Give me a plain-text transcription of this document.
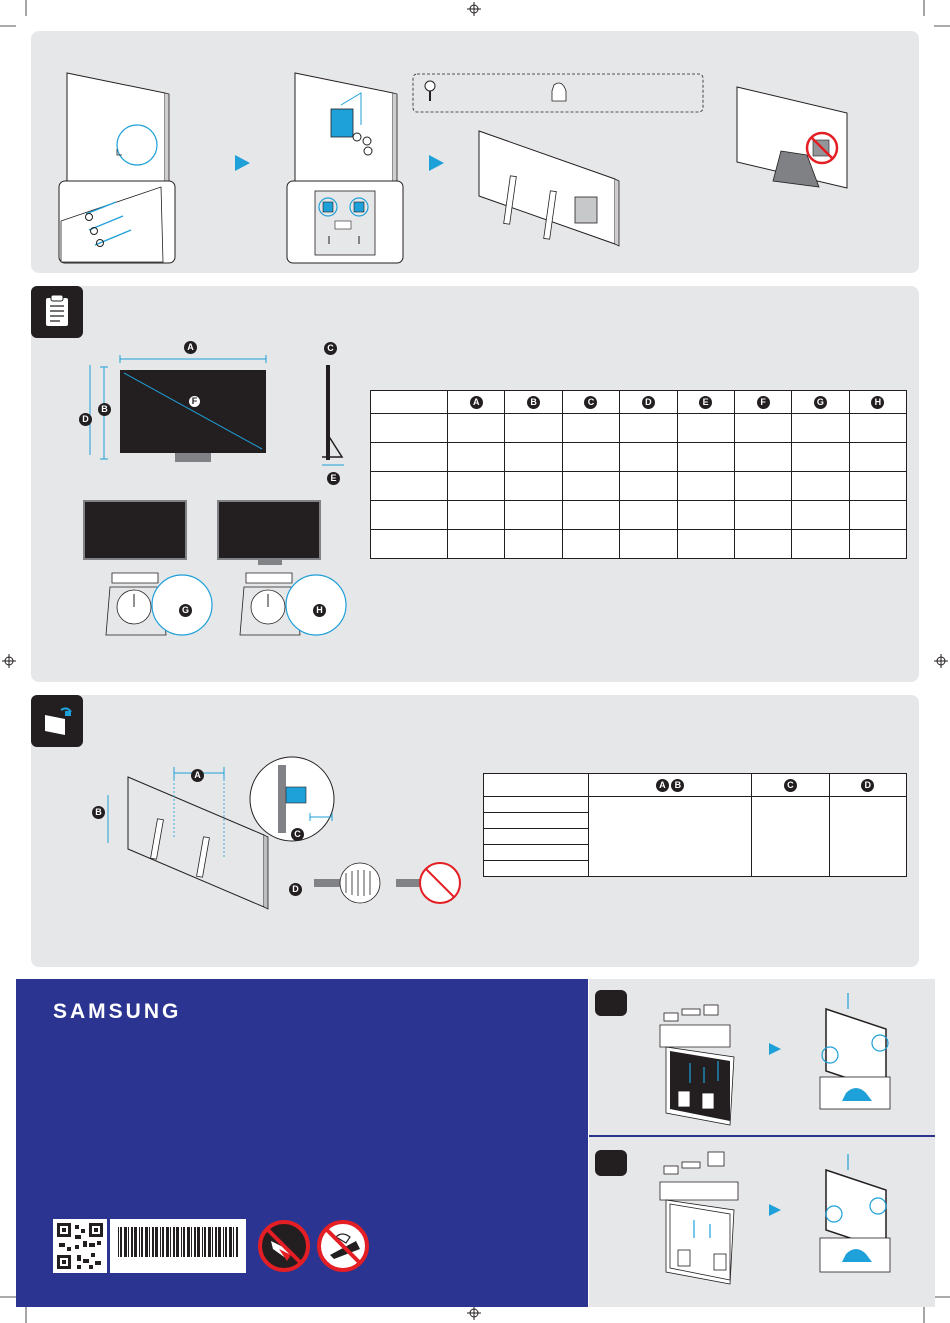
A
B
C
D
E
F
G	H
	A	B	C	D	E	F	G	H

A
B
C
D
	A B	C	D

SAMSUNG
